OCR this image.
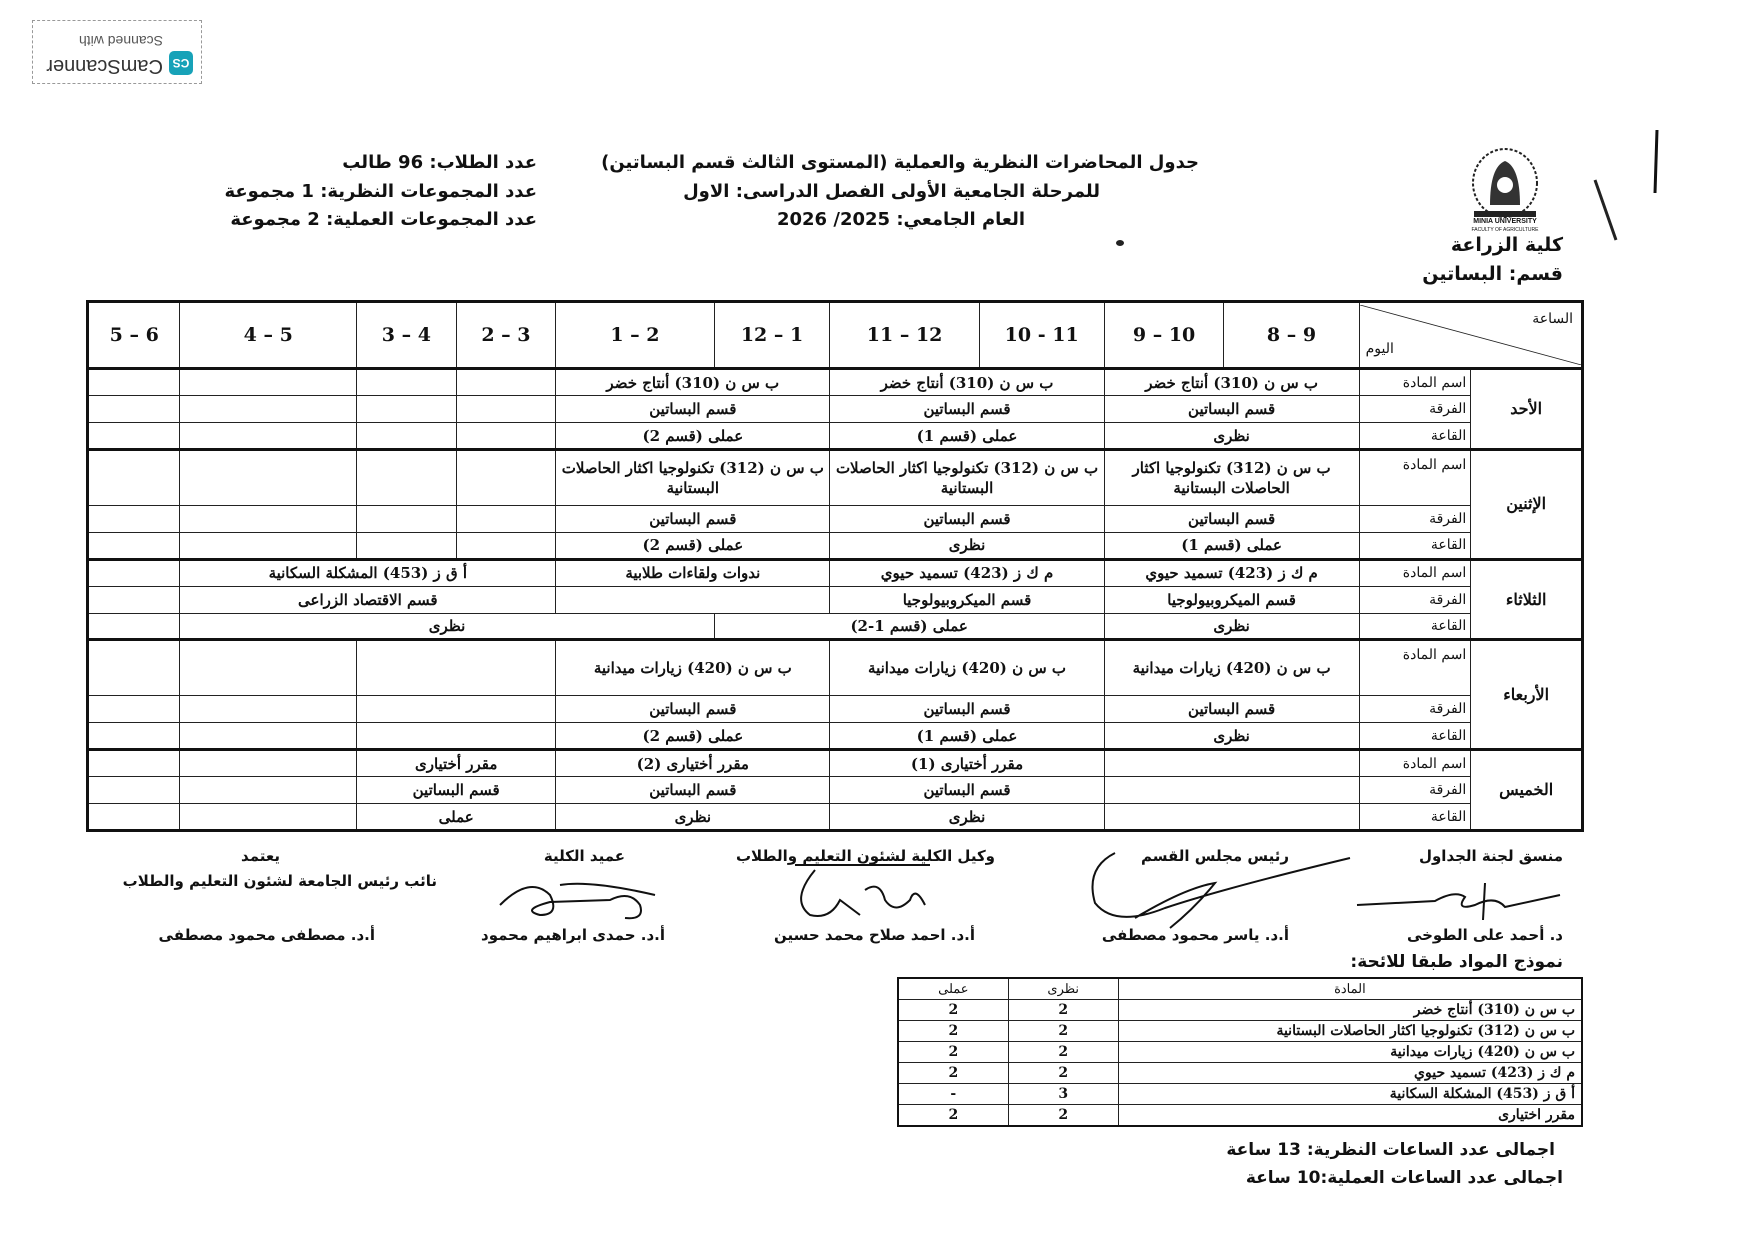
CS
CamScanner
Scanned with
MINIA UNIVERSITY
FACULTY OF AGRICULTURE
جدول المحاضرات النظرية والعملية (المستوى الثالث قسم البساتين)
للمرحلة الجامعية الأولى الفصل الدراسى: الاول
العام الجامعي: 2025/ 2026
عدد الطلاب: 96 طالب
عدد المجموعات النظرية: 1 مجموعة
عدد المجموعات العملية: 2 مجموعة
كلية الزراعة
قسم: البساتين
الساعة
اليوم		9 – 8	10 – 9	11 - 10	12 – 11	1 – 12	2 – 1	3 – 2	4 – 3	5 – 4	6 – 5
الأحد	اسم المادة	ب س ن (310) أنتاج خضر		ب س ن (310) أنتاج خضر		ب س ن (310) أنتاج خضر					
	الفرقة	قسم البساتين		قسم البساتين		قسم البساتين					
	القاعة	نظرى		عملى (قسم 1)		عملى (قسم 2)					
الإثنين	اسم المادة	ب س ن (312) تكنولوجيا اكثار الحاصلات البستانية		ب س ن (312) تكنولوجيا اكثار الحاصلات البستانية		ب س ن (312) تكنولوجيا اكثار الحاصلات البستانية					
	الفرقة	قسم البساتين		قسم البساتين		قسم البساتين					
	القاعة	عملى (قسم 1)		نظرى		عملى (قسم 2)					
الثلاثاء	اسم المادة	م ك ز (423) تسميد حيوي		م ك ز (423) تسميد حيوي		ندوات ولقاءات طلابية		أ ق ز (453) المشكلة السكانية			
	الفرقة	قسم الميكروبيولوجيا		قسم الميكروبيولوجيا				قسم الاقتصاد الزراعى			
	القاعة	نظرى		عملى (قسم 1-2)			نظرى				
الأربعاء	اسم المادة	ب س ن (420) زيارات ميدانية		ب س ن (420) زيارات ميدانية		ب س ن (420) زيارات ميدانية					
	الفرقة	قسم البساتين		قسم البساتين		قسم البساتين					
	القاعة	نظرى		عملى (قسم 1)		عملى (قسم 2)					
الخميس	اسم المادة			مقرر أختيارى (1)		مقرر أختيارى (2)		مقرر أختيارى			
	الفرقة			قسم البساتين		قسم البساتين		قسم البساتين			
	القاعة			نظرى		نظرى		عملى			
منسق لجنة الجداول
د. أحمد على الطوخى
رئيس مجلس القسم
أ.د. ياسر محمود مصطفى
وكيل الكلية لشئون التعليم والطلاب
أ.د. احمد صلاح محمد حسين
عميد الكلية
أ.د. حمدى ابراهيم محمود
يعتمد
نائب رئيس الجامعة لشئون التعليم والطلاب
أ.د. مصطفى محمود مصطفى
نموذج المواد طبقا للائحة:
المادة	نظرى	عملى
ب س ن (310) أنتاج خضر	2	2
ب س ن (312) تكنولوجيا اكثار الحاصلات البستانية	2	2
ب س ن (420) زيارات ميدانية	2	2
م ك ز (423) تسميد حيوي	2	2
أ ق ز (453) المشكلة السكانية	3	-
مقرر اختيارى	2	2
اجمالى عدد الساعات النظرية: 13 ساعة
اجمالى عدد الساعات العملية:10 ساعة
